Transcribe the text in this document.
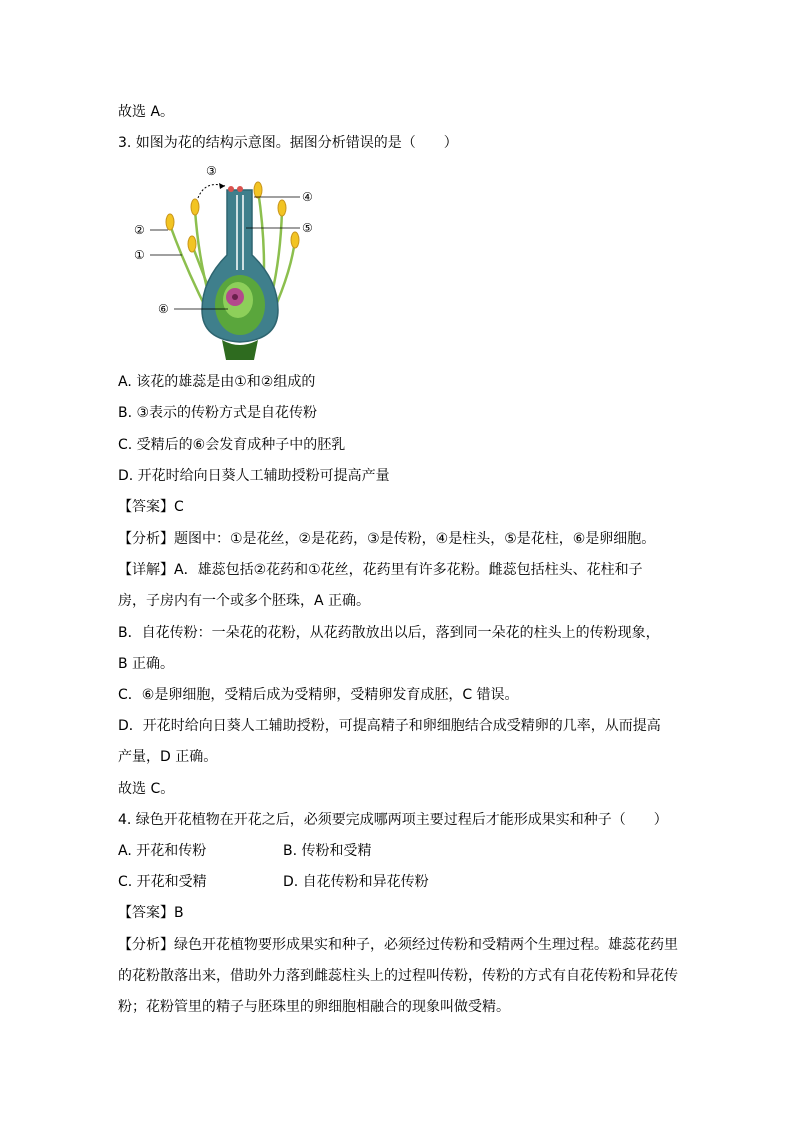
故选 A。
3. 如图为花的结构示意图。据图分析错误的是（　　）
③
④
⑤
②
①
⑥
A. 该花的雄蕊是由①和②组成的
B. ③表示的传粉方式是自花传粉
C. 受精后的⑥会发育成种子中的胚乳
D. 开花时给向日葵人工辅助授粉可提高产量
【答案】C
【分析】题图中：①是花丝，②是花药，③是传粉，④是柱头，⑤是花柱，⑥是卵细胞。
【详解】A．雄蕊包括②花药和①花丝，花药里有许多花粉。雌蕊包括柱头、花柱和子
房，子房内有一个或多个胚珠，A 正确。
B．自花传粉：一朵花的花粉，从花药散放出以后，落到同一朵花的柱头上的传粉现象，
B 正确。
C．⑥是卵细胞，受精后成为受精卵，受精卵发育成胚，C 错误。
D．开花时给向日葵人工辅助授粉，可提高精子和卵细胞结合成受精卵的几率，从而提高
产量，D 正确。
故选 C。
4. 绿色开花植物在开花之后，必须要完成哪两项主要过程后才能形成果实和种子（　　）
A. 开花和传粉	B. 传粉和受精
C. 开花和受精	D. 自花传粉和异花传粉
【答案】B
【分析】绿色开花植物要形成果实和种子，必须经过传粉和受精两个生理过程。雄蕊花药里
的花粉散落出来，借助外力落到雌蕊柱头上的过程叫传粉，传粉的方式有自花传粉和异花传
粉；花粉管里的精子与胚珠里的卵细胞相融合的现象叫做受精。
